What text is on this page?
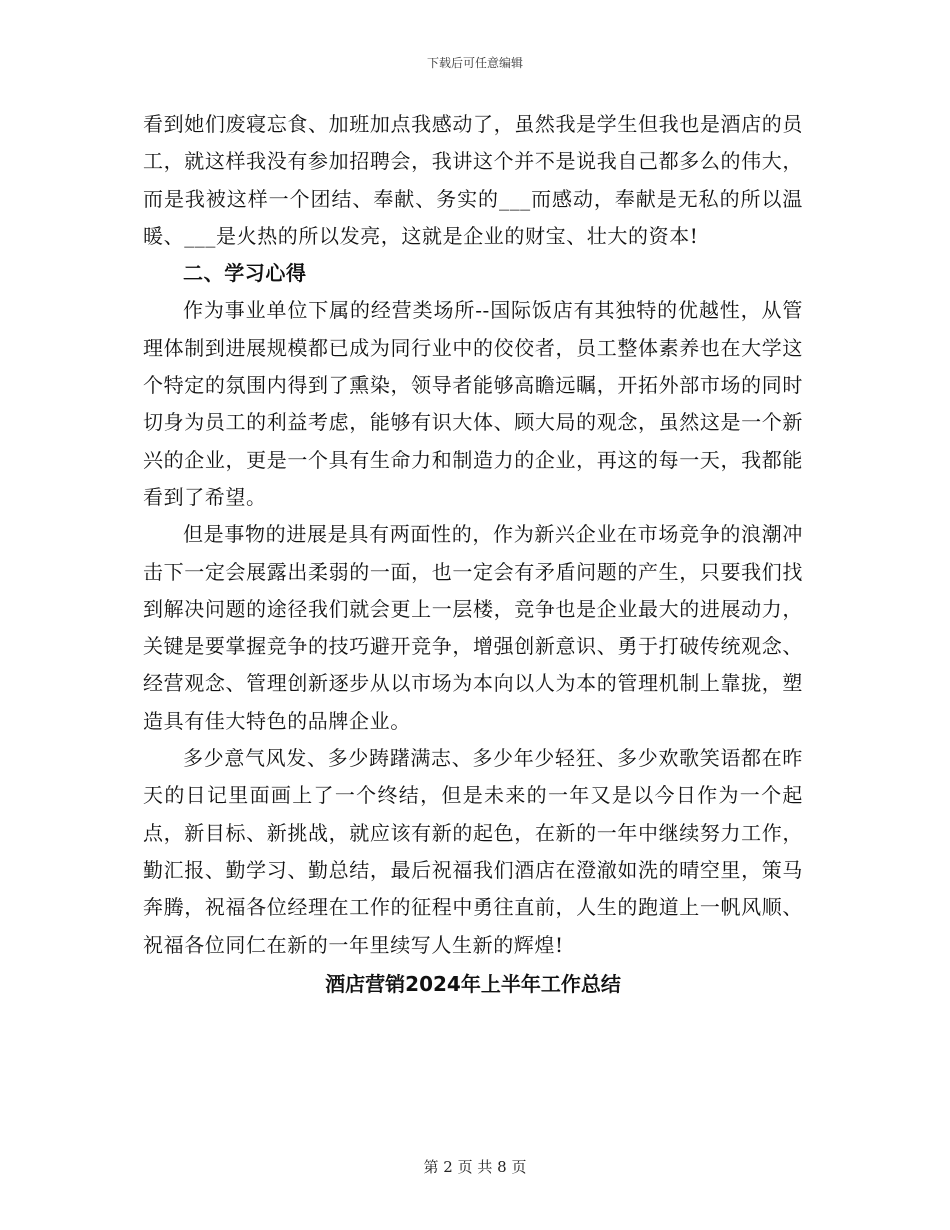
下载后可任意编辑

看到她们废寝忘食、加班加点我感动了，虽然我是学生但我也是酒店的员工，就这样我没有参加招聘会，我讲这个并不是说我自己都多么的伟大，而是我被这样一个团结、奉献、务实的___而感动，奉献是无私的所以温暖、___是火热的所以发亮，这就是企业的财宝、壮大的资本!

二、学习心得

作为事业单位下属的经营类场所--国际饭店有其独特的优越性，从管理体制到进展规模都已成为同行业中的佼佼者，员工整体素养也在大学这个特定的氛围内得到了熏染，领导者能够高瞻远瞩，开拓外部市场的同时切身为员工的利益考虑，能够有识大体、顾大局的观念，虽然这是一个新兴的企业，更是一个具有生命力和制造力的企业，再这的每一天，我都能看到了希望。

但是事物的进展是具有两面性的，作为新兴企业在市场竞争的浪潮冲击下一定会展露出柔弱的一面，也一定会有矛盾问题的产生，只要我们找到解决问题的途径我们就会更上一层楼，竞争也是企业最大的进展动力，关键是要掌握竞争的技巧避开竞争，增强创新意识、勇于打破传统观念、经营观念、管理创新逐步从以市场为本向以人为本的管理机制上靠拢，塑造具有佳大特色的品牌企业。

多少意气风发、多少踌躇满志、多少年少轻狂、多少欢歌笑语都在昨天的日记里面画上了一个终结，但是未来的一年又是以今日作为一个起点，新目标、新挑战，就应该有新的起色，在新的一年中继续努力工作，勤汇报、勤学习、勤总结，最后祝福我们酒店在澄澈如洗的晴空里，策马奔腾，祝福各位经理在工作的征程中勇往直前，人生的跑道上一帆风顺、祝福各位同仁在新的一年里续写人生新的辉煌!

酒店营销2024年上半年工作总结

第 2 页 共 8 页
